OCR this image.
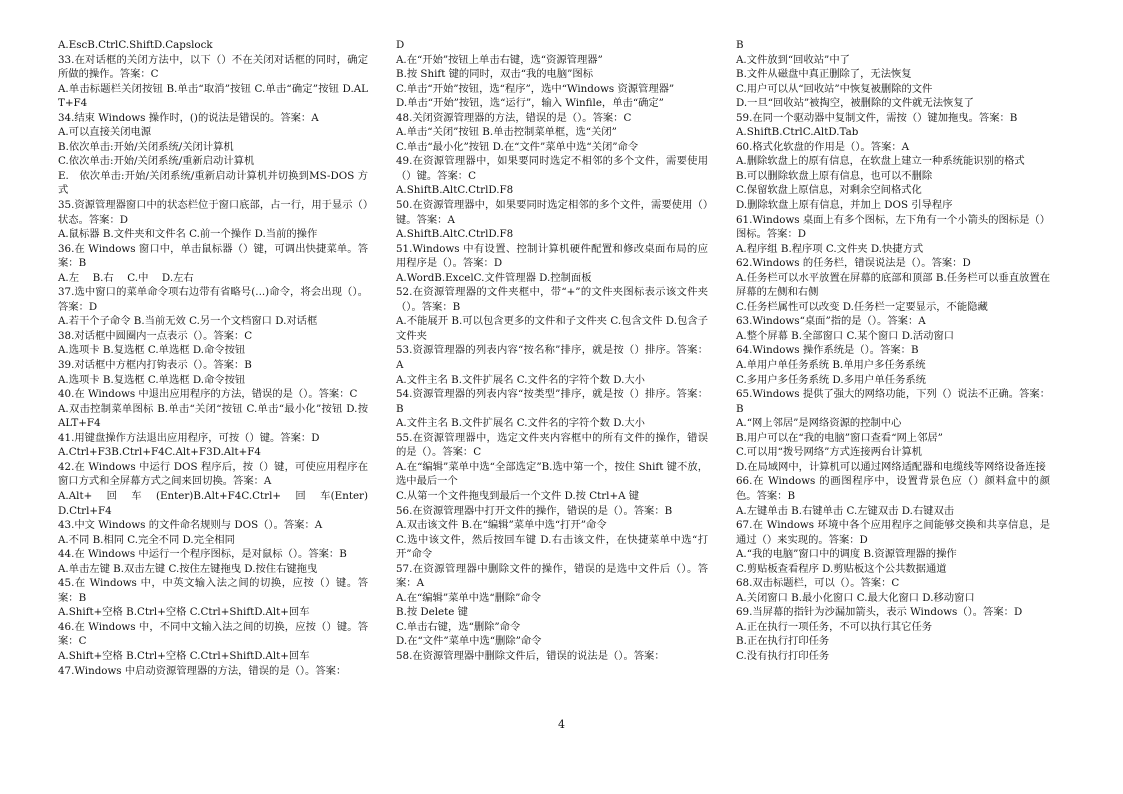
A.EscB.CtrlC.ShiftD.Capslock

33.在对话框的关闭方法中，以下（）不在关闭对话框的同时，确定所做的操作。答案：C

A.单击标题栏关闭按钮 B.单击“取消”按钮 C.单击“确定”按钮 D.ALT+F4

34.结束 Windows 操作时，()的说法是错误的。答案：A

A.可以直接关闭电源

B.依次单击:开始/关闭系统/关闭计算机

C.依次单击:开始/关闭系统/重新启动计算机

E.　依次单击:开始/关闭系统/重新启动计算机并切换到MS-DOS 方式

35.资源管理器窗口中的状态栏位于窗口底部，占一行，用于显示（）状态。答案：D

A.鼠标器 B.文件夹和文件名 C.前一个操作 D.当前的操作

36.在 Windows 窗口中，单击鼠标器（）键，可调出快捷菜单。答案：B

A.左　 B.右　 C.中　 D.左右

37.选中窗口的菜单命令项右边带有省略号(...)命令，将会出现（）。答案：D

A.若干个子命令 B.当前无效 C.另一个文档窗口 D.对话框

38.对话框中圆圈内一点表示（）。答案：C

A.选项卡 B.复选框 C.单选框 D.命令按钮

39.对话框中方框内打钩表示（）。答案：B

A.选项卡 B.复选框 C.单选框 D.命令按钮

40.在 Windows 中退出应用程序的方法，错误的是（）。答案：C

A.双击控制菜单图标 B.单击“关闭“按钮 C.单击“最小化”按钮 D.按 ALT+F4

41.用键盘操作方法退出应用程序，可按（）键。答案：D

A.Ctrl+F3B.Ctrl+F4C.Alt+F3D.Alt+F4

42.在 Windows 中运行 DOS 程序后，按（）键，可使应用程序在窗口方式和全屏幕方式之间来回切换。答案：A

A.Alt+　 回　 车　 (Enter)B.Alt+F4C.Ctrl+　 回　 车(Enter)D.Ctrl+F4

43.中文 Windows 的文件命名规则与 DOS（）。答案：A

A.不同 B.相同 C.完全不同 D.完全相同

44.在 Windows 中运行一个程序图标，是对鼠标（）。答案：B

A.单击左键 B.双击左键 C.按住左键拖曳 D.按住右键拖曳

45.在 Windows 中，中英文输入法之间的切换，应按（）键。答案：B

A.Shift+空格 B.Ctrl+空格 C.Ctrl+ShiftD.Alt+回车

46.在 Windows 中，不同中文输入法之间的切换，应按（）键。答案：C

A.Shift+空格 B.Ctrl+空格 C.Ctrl+ShiftD.Alt+回车

47.Windows 中启动资源管理器的方法，错误的是（）。答案：

D

A.在“开始”按钮上单击右键，选“资源管理器”

B.按 Shift 键的同时，双击“我的电脑”图标

C.单击“开始”按钮，选“程序”，选中“Windows 资源管理器”

D.单击“开始”按钮，选“运行”，输入 Winfile，单击“确定”

48.关闭资源管理器的方法，错误的是（）。答案：C

A.单击“关闭”按钮 B.单击控制菜单框，选“关闭”

C.单击“最小化”按钮 D.在“文件”菜单中选“关闭”命令

49.在资源管理器中，如果要同时选定不相邻的多个文件，需要使用（）键。答案：C

A.ShiftB.AltC.CtrlD.F8

50.在资源管理器中，如果要同时选定相邻的多个文件，需要使用（）键。答案：A

A.ShiftB.AltC.CtrlD.F8

51.Windows 中有设置、控制计算机硬件配置和修改桌面布局的应用程序是（）。答案：D

A.WordB.ExcelC.文件管理器 D.控制面板

52.在资源管理器的文件夹框中，带“+”的文件夹图标表示该文件夹（）。答案：B

A.不能展开 B.可以包含更多的文件和子文件夹 C.包含文件 D.包含子文件夹

53.资源管理器的列表内容“按名称”排序，就是按（）排序。答案：A

A.文件主名 B.文件扩展名 C.文件名的字符个数 D.大小

54.资源管理器的列表内容“按类型”排序，就是按（）排序。答案：B

A.文件主名 B.文件扩展名 C.文件名的字符个数 D.大小

55.在资源管理器中，选定文件夹内容框中的所有文件的操作，错误的是（）。答案：C

A.在“编辑”菜单中选“全部选定”B.选中第一个，按住 Shift 键不放，选中最后一个

C.从第一个文件拖曳到最后一个文件 D.按 Ctrl+A 键

56.在资源管理器中打开文件的操作，错误的是（）。答案：B

A.双击该文件 B.在“编辑”菜单中选“打开”命令

C.选中该文件，然后按回车键 D.右击该文件，在快捷菜单中选“打开”命令

57.在资源管理器中删除文件的操作，错误的是选中文件后（）。答案：A

A.在“编辑”菜单中选“删除”命令

B.按 Delete 键

C.单击右键，选“删除”命令

D.在“文件”菜单中选“删除”命令

58.在资源管理器中删除文件后，错误的说法是（）。答案：

B

A.文件放到“回收站”中了

B.文件从磁盘中真正删除了，无法恢复

C.用户可以从“回收站”中恢复被删除的文件

D.一旦“回收站”被掏空，被删除的文件就无法恢复了

59.在同一个驱动器中复制文件，需按（）键加拖曳。答案：B

A.ShiftB.CtrlC.AltD.Tab

60.格式化软盘的作用是（）。答案：A

A.删除软盘上的原有信息，在软盘上建立一种系统能识别的格式

B.可以删除软盘上原有信息，也可以不删除

C.保留软盘上原信息，对剩余空间格式化

D.删除软盘上原有信息，并加上 DOS 引导程序

61.Windows 桌面上有多个图标，左下角有一个小箭头的图标是（）图标。答案：D

A.程序组 B.程序项 C.文件夹 D.快捷方式

62.Windows 的任务栏，错误说法是（）。答案：D

A.任务栏可以水平放置在屏幕的底部和顶部 B.任务栏可以垂直放置在屏幕的左侧和右侧

C.任务栏属性可以改变 D.任务栏一定要显示，不能隐藏

63.Windows“桌面”指的是（）。答案：A

A.整个屏幕 B.全部窗口 C.某个窗口 D.活动窗口

64.Windows 操作系统是（）。答案：B

A.单用户单任务系统 B.单用户多任务系统

C.多用户多任务系统 D.多用户单任务系统

65.Windows 提供了强大的网络功能，下列（）说法不正确。答案：B

A.“网上邻居”是网络资源的控制中心

B.用户可以在“我的电脑”窗口查看“网上邻居”

C.可以用“拨号网络”方式连接两台计算机

D.在局域网中，计算机可以通过网络适配器和电缆线等网络设备连接

66.在 Windows 的画图程序中，设置背景色应（）颜料盒中的颜色。答案：B

A.左键单击 B.右键单击 C.左键双击 D.右键双击

67.在 Windows 环境中各个应用程序之间能够交换和共享信息，是通过（）来实现的。答案：D

A.“我的电脑”窗口中的调度 B.资源管理器的操作

C.剪贴板查看程序 D.剪贴板这个公共数据通道

68.双击标题栏，可以（）。答案：C

A.关闭窗口 B.最小化窗口 C.最大化窗口 D.移动窗口

69.当屏幕的指针为沙漏加箭头，表示 Windows（）。答案：D

A.正在执行一项任务，不可以执行其它任务

B.正在执行打印任务

C.没有执行打印任务

4
